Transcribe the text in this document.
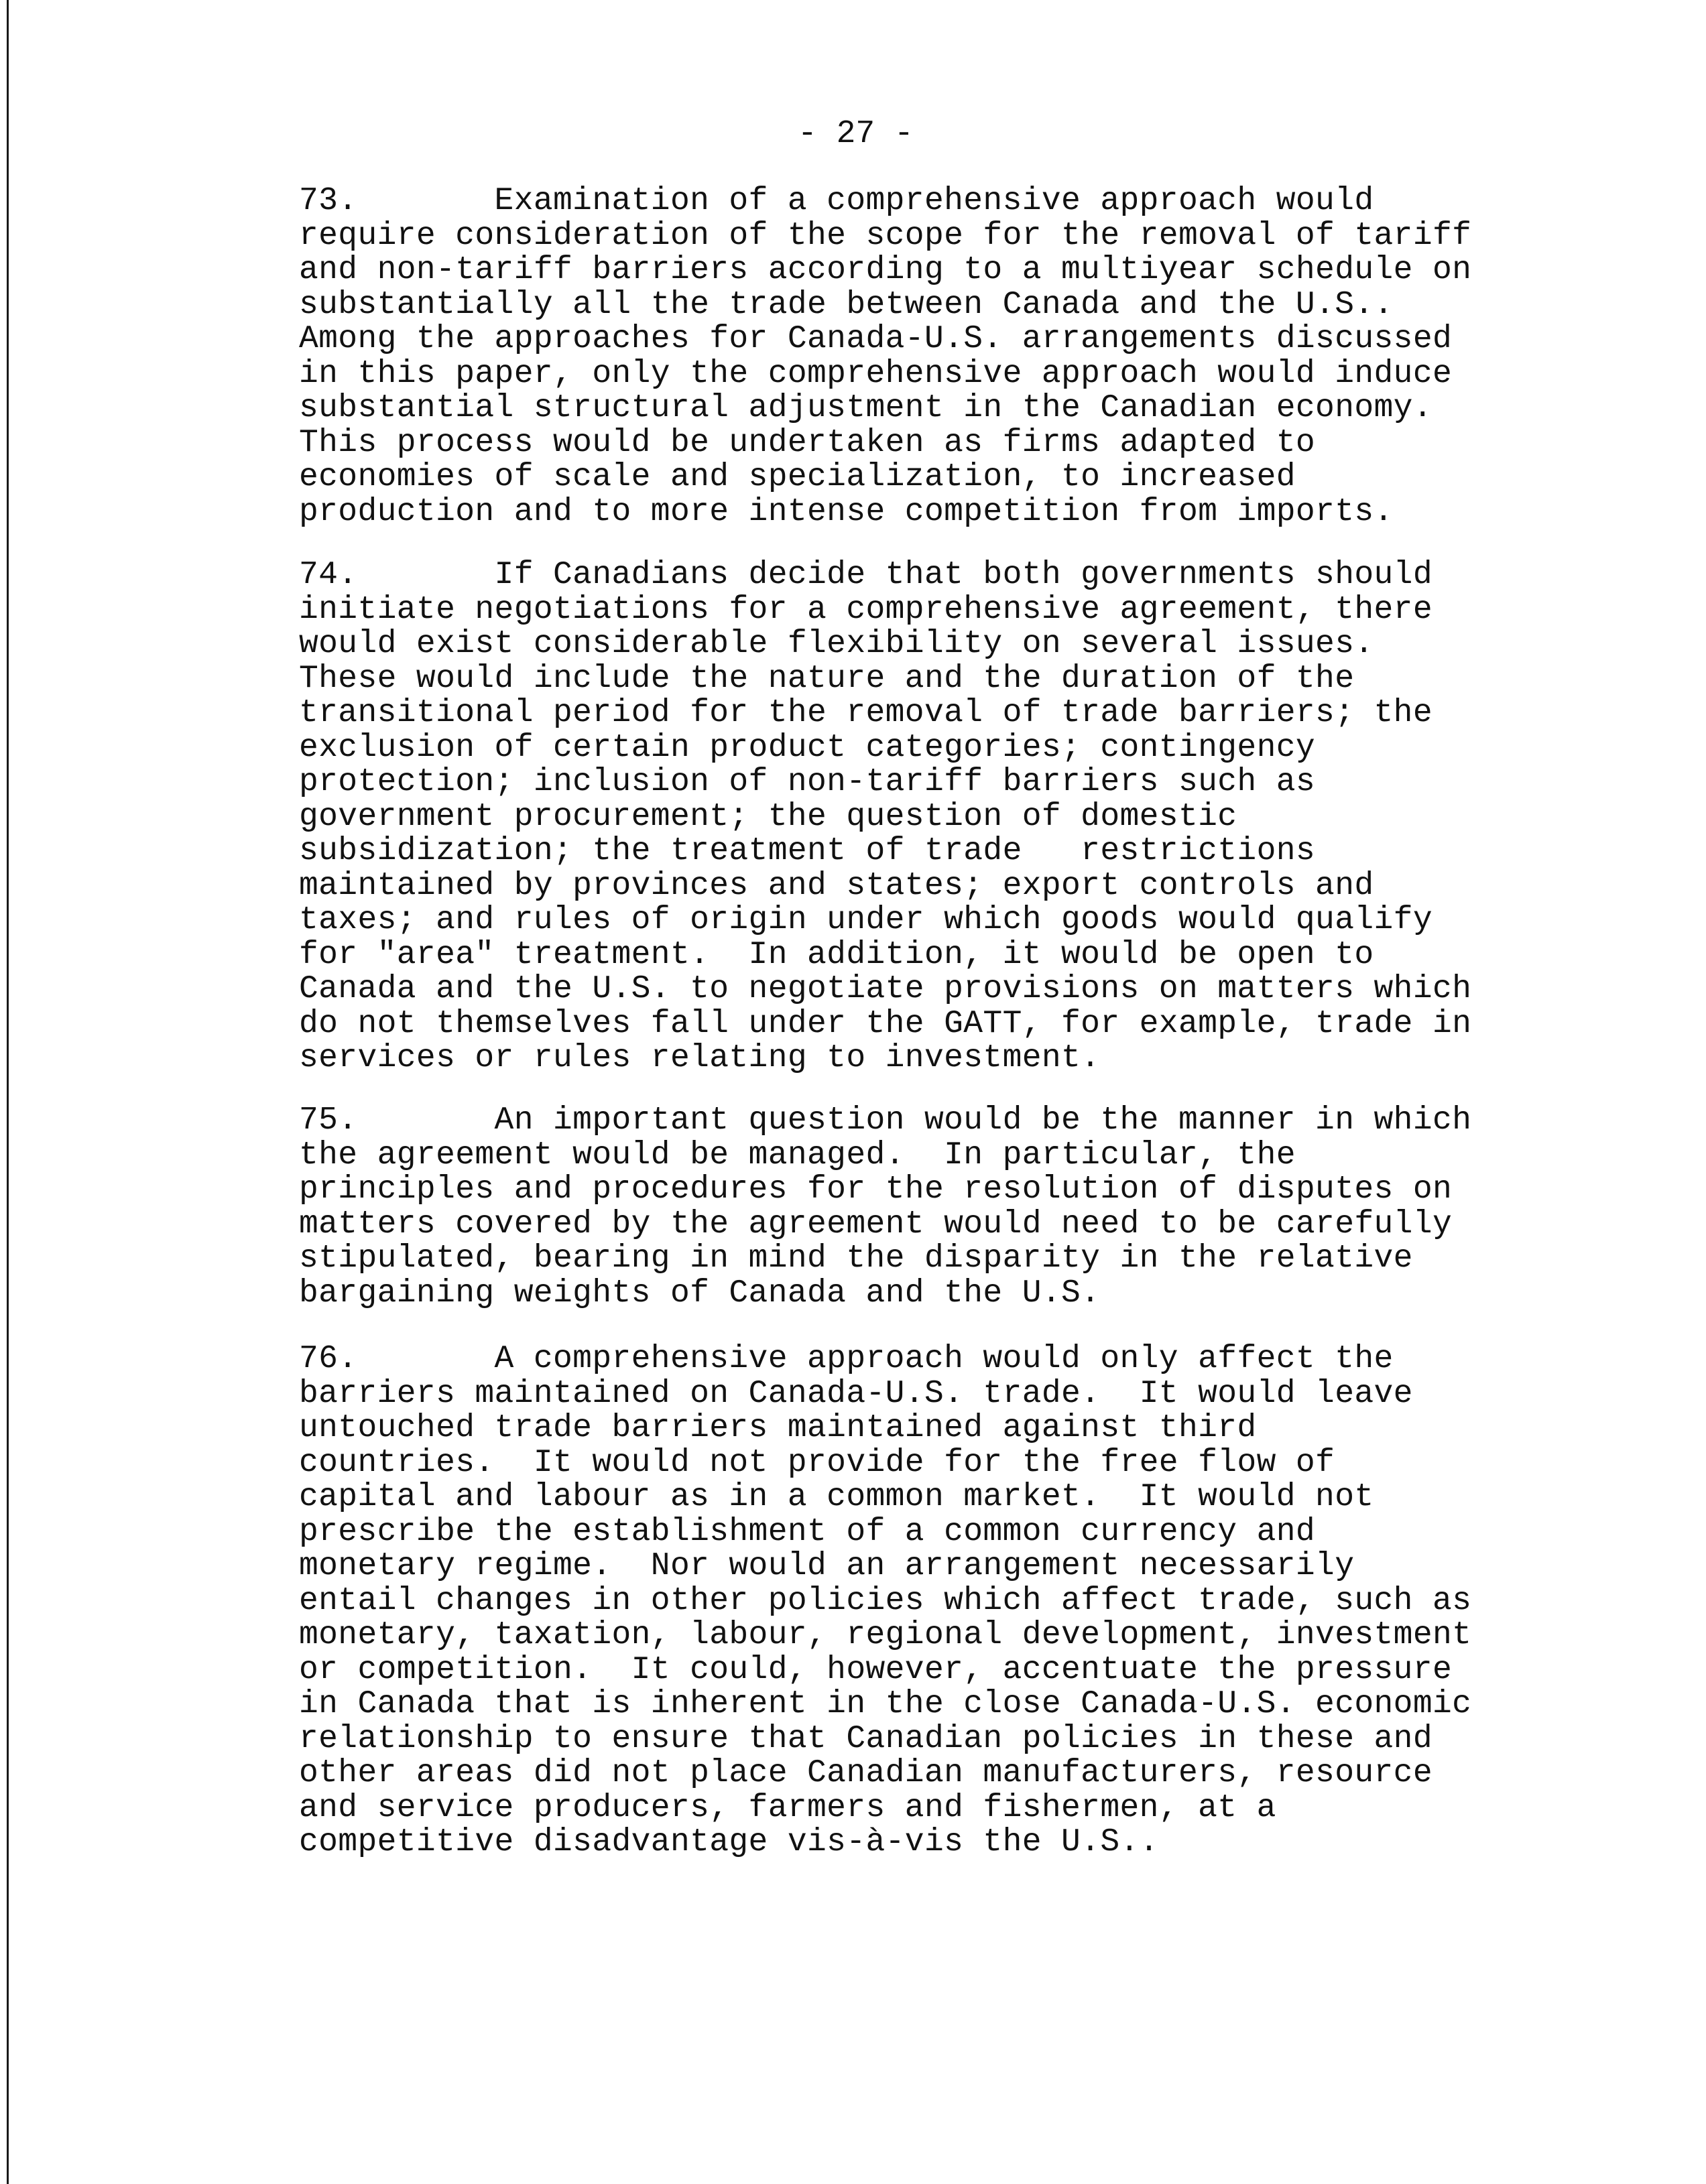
- 27 -
73.       Examination of a comprehensive approach would
require consideration of the scope for the removal of tariff
and non-tariff barriers according to a multiyear schedule on
substantially all the trade between Canada and the U.S..
Among the approaches for Canada-U.S. arrangements discussed
in this paper, only the comprehensive approach would induce
substantial structural adjustment in the Canadian economy.
This process would be undertaken as firms adapted to
economies of scale and specialization, to increased
production and to more intense competition from imports.
74.       If Canadians decide that both governments should
initiate negotiations for a comprehensive agreement, there
would exist considerable flexibility on several issues.
These would include the nature and the duration of the
transitional period for the removal of trade barriers; the
exclusion of certain product categories; contingency
protection; inclusion of non-tariff barriers such as
government procurement; the question of domestic
subsidization; the treatment of trade   restrictions
maintained by provinces and states; export controls and
taxes; and rules of origin under which goods would qualify
for "area" treatment.  In addition, it would be open to
Canada and the U.S. to negotiate provisions on matters which
do not themselves fall under the GATT, for example, trade in
services or rules relating to investment.
75.       An important question would be the manner in which
the agreement would be managed.  In particular, the
principles and procedures for the resolution of disputes on
matters covered by the agreement would need to be carefully
stipulated, bearing in mind the disparity in the relative
bargaining weights of Canada and the U.S.
76.       A comprehensive approach would only affect the
barriers maintained on Canada-U.S. trade.  It would leave
untouched trade barriers maintained against third
countries.  It would not provide for the free flow of
capital and labour as in a common market.  It would not
prescribe the establishment of a common currency and
monetary regime.  Nor would an arrangement necessarily
entail changes in other policies which affect trade, such as
monetary, taxation, labour, regional development, investment
or competition.  It could, however, accentuate the pressure
in Canada that is inherent in the close Canada-U.S. economic
relationship to ensure that Canadian policies in these and
other areas did not place Canadian manufacturers, resource
and service producers, farmers and fishermen, at a
competitive disadvantage vis-à-vis the U.S..
